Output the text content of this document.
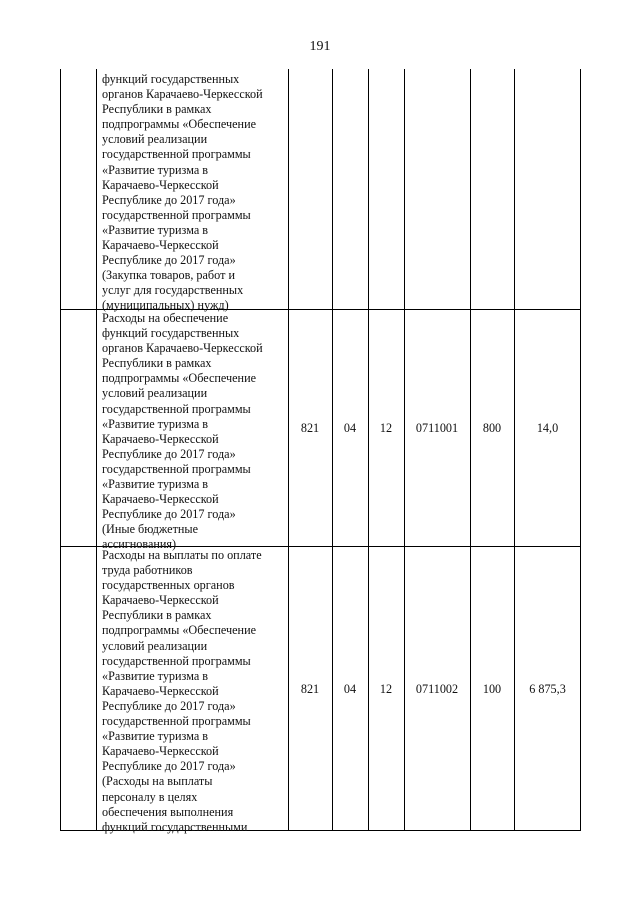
191
функций государственных
органов Карачаево-Черкесской
Республики в рамках
подпрограммы «Обеспечение
условий реализации
государственной программы
«Развитие туризма в
Карачаево-Черкесской
Республике до 2017 года»
государственной программы
«Развитие туризма в
Карачаево-Черкесской
Республике до 2017 года»
(Закупка товаров, работ и
услуг для государственных
(муниципальных) нужд)
Расходы на обеспечение
функций государственных
органов Карачаево-Черкесской
Республики в рамках
подпрограммы «Обеспечение
условий реализации
государственной программы
«Развитие туризма в
Карачаево-Черкесской
Республике до 2017 года»
государственной программы
«Развитие туризма в
Карачаево-Черкесской
Республике до 2017 года»
(Иные бюджетные
ассигнования)
821	04	12	0711001	800	14,0
Расходы на выплаты по оплате
труда работников
государственных органов
Карачаево-Черкесской
Республики в рамках
подпрограммы «Обеспечение
условий реализации
государственной программы
«Развитие туризма в
Карачаево-Черкесской
Республике до 2017 года»
государственной программы
«Развитие туризма в
Карачаево-Черкесской
Республике до 2017 года»
(Расходы на выплаты
персоналу в целях
обеспечения выполнения
функций государственными
821	04	12	0711002	100	6 875,3
